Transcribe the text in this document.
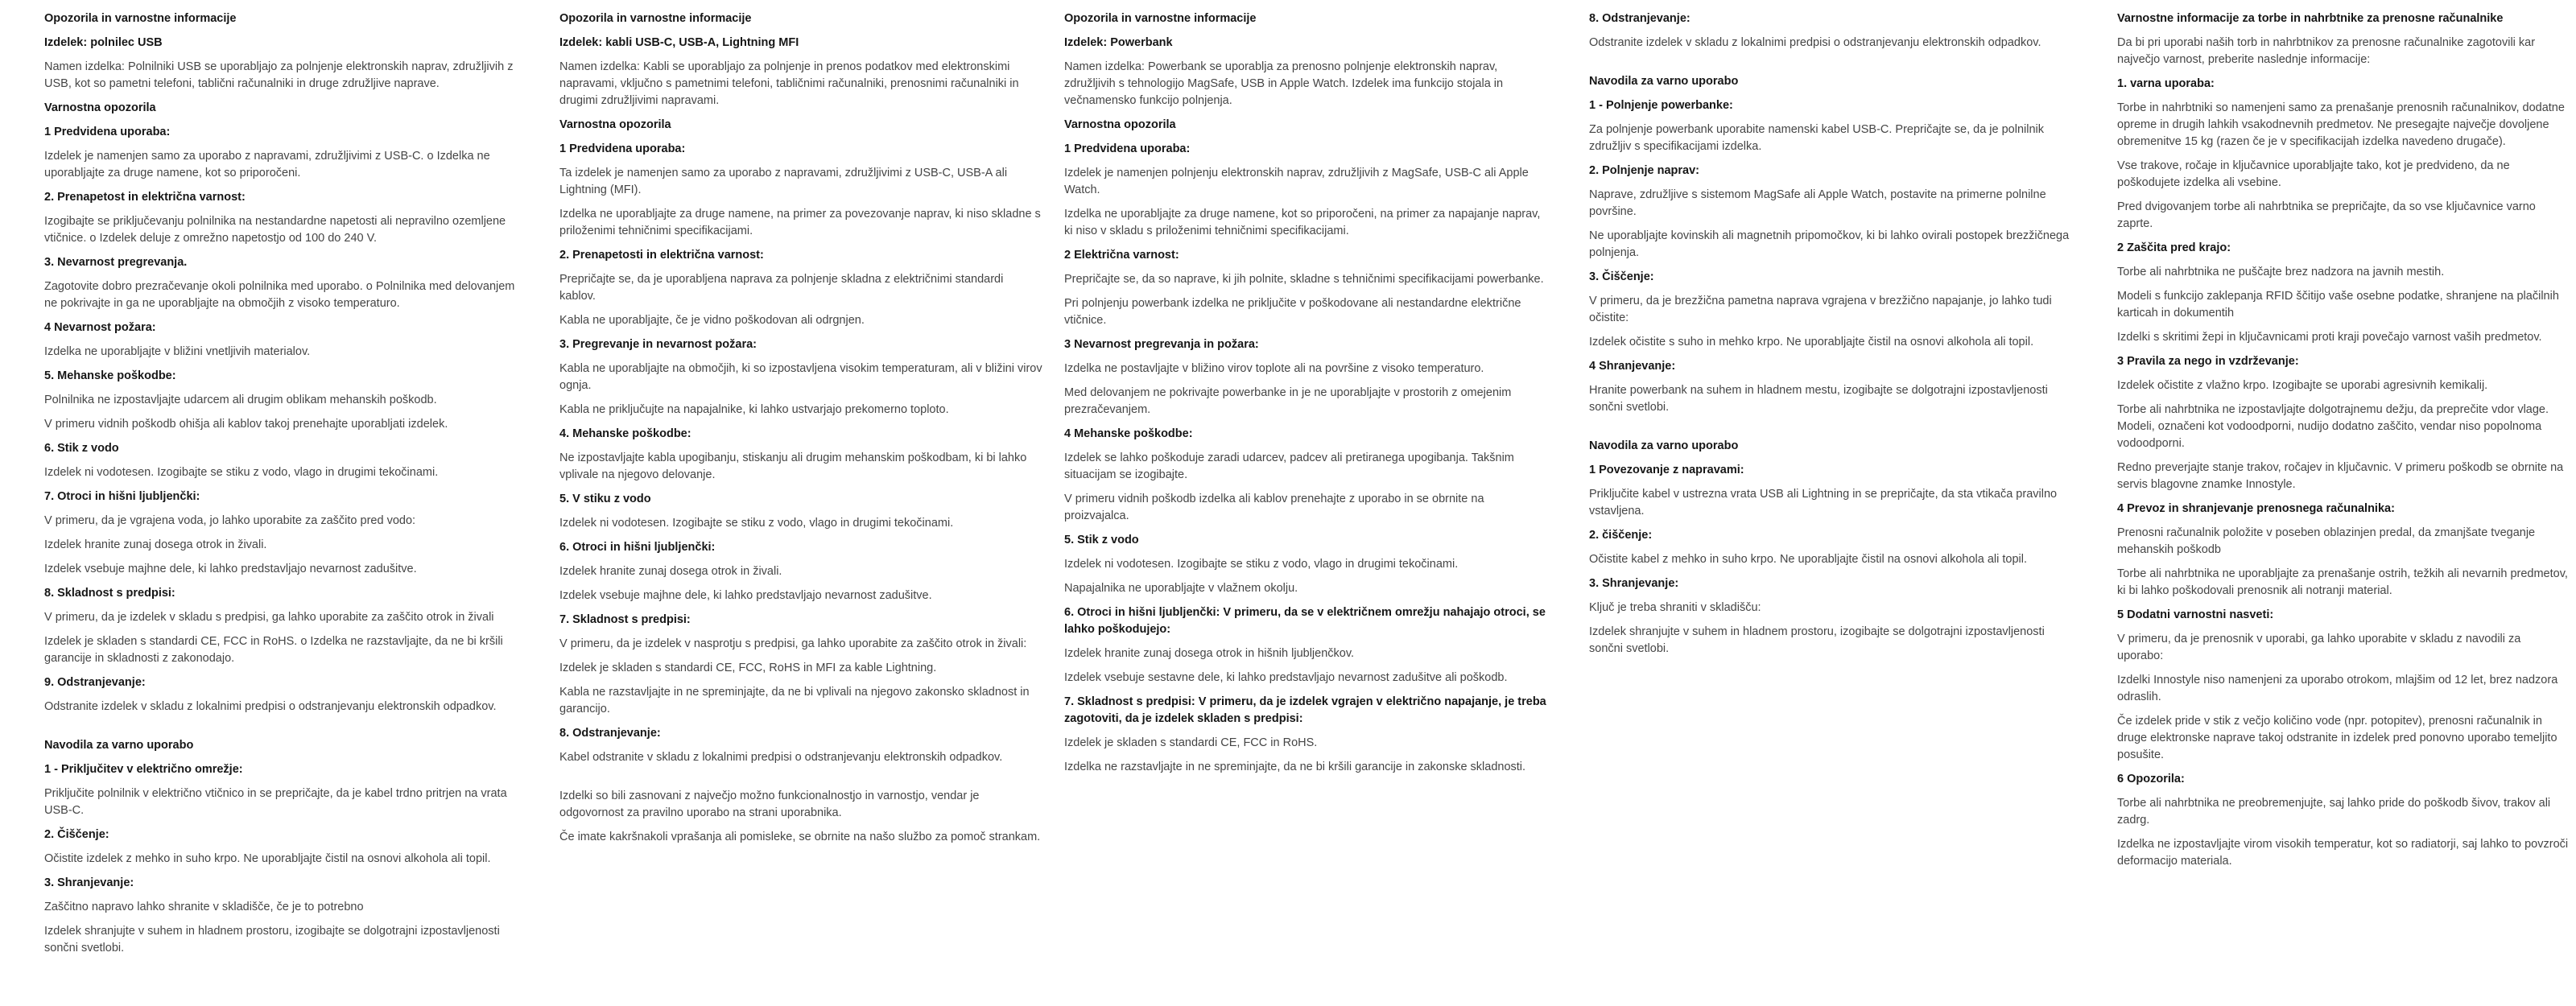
Opozorila in varnostne informacije
Izdelek: polnilec USB

Namen izdelka: Polnilniki USB se uporabljajo za polnjenje elektronskih naprav, združljivih z USB, kot so pametni telefoni, tablični računalniki in druge združljive naprave.

Varnostna opozorila
1 Predvidena uporaba:

Izdelek je namenjen samo za uporabo z napravami, združljivimi z USB-C. o Izdelka ne uporabljajte za druge namene, kot so priporočeni.

2. Prenapetost in električna varnost:

Izogibajte se priključevanju polnilnika na nestandardne napetosti ali nepravilno ozemljene vtičnice. o Izdelek deluje z omrežno napetostjo od 100 do 240 V.

3. Nevarnost pregrevanja.

Zagotovite dobro prezračevanje okoli polnilnika med uporabo. o Polnilnika med delovanjem ne pokrivajte in ga ne uporabljajte na območjih z visoko temperaturo.

4 Nevarnost požara:

Izdelka ne uporabljajte v bližini vnetljivih materialov.

5. Mehanske poškodbe:

Polnilnika ne izpostavljajte udarcem ali drugim oblikam mehanskih poškodb.

V primeru vidnih poškodb ohišja ali kablov takoj prenehajte uporabljati izdelek.

6. Stik z vodo

Izdelek ni vodotesen. Izogibajte se stiku z vodo, vlago in drugimi tekočinami.

7. Otroci in hišni ljubljenčki:

V primeru, da je vgrajena voda, jo lahko uporabite za zaščito pred vodo:

Izdelek hranite zunaj dosega otrok in živali.

Izdelek vsebuje majhne dele, ki lahko predstavljajo nevarnost zadušitve.

8. Skladnost s predpisi:

V primeru, da je izdelek v skladu s predpisi, ga lahko uporabite za zaščito otrok in živali

Izdelek je skladen s standardi CE, FCC in RoHS. o Izdelka ne razstavljajte, da ne bi kršili garancije in skladnosti z zakonodajo.

9. Odstranjevanje:

Odstranite izdelek v skladu z lokalnimi predpisi o odstranjevanju elektronskih odpadkov.

Navodila za varno uporabo
1 - Priključitev v električno omrežje:

Priključite polnilnik v električno vtičnico in se prepričajte, da je kabel trdno pritrjen na vrata USB-C.

2. Čiščenje:

Očistite izdelek z mehko in suho krpo. Ne uporabljajte čistil na osnovi alkohola ali topil.

3. Shranjevanje:

Zaščitno napravo lahko shranite v skladišče, če je to potrebno

Izdelek shranjujte v suhem in hladnem prostoru, izogibajte se dolgotrajni izpostavljenosti sončni svetlobi.

Opozorila in varnostne informacije
Izdelek: kabli USB-C, USB-A, Lightning MFI

Namen izdelka: Kabli se uporabljajo za polnjenje in prenos podatkov med elektronskimi napravami, vključno s pametnimi telefoni, tabličnimi računalniki, prenosnimi računalniki in drugimi združljivimi napravami.

Varnostna opozorila
1 Predvidena uporaba:

Ta izdelek je namenjen samo za uporabo z napravami, združljivimi z USB-C, USB-A ali Lightning (MFI).

Izdelka ne uporabljajte za druge namene, na primer za povezovanje naprav, ki niso skladne s priloženimi tehničnimi specifikacijami.

2. Prenapetosti in električna varnost:

Prepričajte se, da je uporabljena naprava za polnjenje skladna z električnimi standardi kablov.

Kabla ne uporabljajte, če je vidno poškodovan ali odrgnjen.

3. Pregrevanje in nevarnost požara:

Kabla ne uporabljajte na območjih, ki so izpostavljena visokim temperaturam, ali v bližini virov ognja.

Kabla ne priključujte na napajalnike, ki lahko ustvarjajo prekomerno toploto.

4. Mehanske poškodbe:

Ne izpostavljajte kabla upogibanju, stiskanju ali drugim mehanskim poškodbam, ki bi lahko vplivale na njegovo delovanje.

5. V stiku z vodo

Izdelek ni vodotesen. Izogibajte se stiku z vodo, vlago in drugimi tekočinami.

6. Otroci in hišni ljubljenčki:

Izdelek hranite zunaj dosega otrok in živali.

Izdelek vsebuje majhne dele, ki lahko predstavljajo nevarnost zadušitve.

7. Skladnost s predpisi:

V primeru, da je izdelek v nasprotju s predpisi, ga lahko uporabite za zaščito otrok in živali:

Izdelek je skladen s standardi CE, FCC, RoHS in MFI za kable Lightning.

Kabla ne razstavljajte in ne spreminjajte, da ne bi vplivali na njegovo zakonsko skladnost in garancijo.

8. Odstranjevanje:

Kabel odstranite v skladu z lokalnimi predpisi o odstranjevanju elektronskih odpadkov.

Izdelki so bili zasnovani z največjo možno funkcionalnostjo in varnostjo, vendar je odgovornost za pravilno uporabo na strani uporabnika.

Če imate kakršnakoli vprašanja ali pomisleke, se obrnite na našo službo za pomoč strankam.

Opozorila in varnostne informacije
Izdelek: Powerbank

Namen izdelka: Powerbank se uporablja za prenosno polnjenje elektronskih naprav, združljivih s tehnologijo MagSafe, USB in Apple Watch. Izdelek ima funkcijo stojala in večnamensko funkcijo polnjenja.

Varnostna opozorila
1 Predvidena uporaba:

Izdelek je namenjen polnjenju elektronskih naprav, združljivih z MagSafe, USB-C ali Apple Watch.

Izdelka ne uporabljajte za druge namene, kot so priporočeni, na primer za napajanje naprav, ki niso v skladu s priloženimi tehničnimi specifikacijami.

2 Električna varnost:

Prepričajte se, da so naprave, ki jih polnite, skladne s tehničnimi specifikacijami powerbanke.

Pri polnjenju powerbank izdelka ne priključite v poškodovane ali nestandardne električne vtičnice.

3 Nevarnost pregrevanja in požara:

Izdelka ne postavljajte v bližino virov toplote ali na površine z visoko temperaturo.

Med delovanjem ne pokrivajte powerbanke in je ne uporabljajte v prostorih z omejenim prezračevanjem.

4 Mehanske poškodbe:

Izdelek se lahko poškoduje zaradi udarcev, padcev ali pretiranega upogibanja. Takšnim situacijam se izogibajte.

V primeru vidnih poškodb izdelka ali kablov prenehajte z uporabo in se obrnite na proizvajalca.

5. Stik z vodo

Izdelek ni vodotesen. Izogibajte se stiku z vodo, vlago in drugimi tekočinami.

Napajalnika ne uporabljajte v vlažnem okolju.

6. Otroci in hišni ljubljenčki: V primeru, da se v električnem omrežju nahajajo otroci, se lahko poškodujejo:

Izdelek hranite zunaj dosega otrok in hišnih ljubljenčkov.

Izdelek vsebuje sestavne dele, ki lahko predstavljajo nevarnost zadušitve ali poškodb.

7. Skladnost s predpisi: V primeru, da je izdelek vgrajen v električno napajanje, je treba zagotoviti, da je izdelek skladen s predpisi:

Izdelek je skladen s standardi CE, FCC in RoHS.

Izdelka ne razstavljajte in ne spreminjajte, da ne bi kršili garancije in zakonske skladnosti.

8. Odstranjevanje:

Odstranite izdelek v skladu z lokalnimi predpisi o odstranjevanju elektronskih odpadkov.

Navodila za varno uporabo
1 - Polnjenje powerbanke:

Za polnjenje powerbank uporabite namenski kabel USB-C. Prepričajte se, da je polnilnik združljiv s specifikacijami izdelka.

2. Polnjenje naprav:

Naprave, združljive s sistemom MagSafe ali Apple Watch, postavite na primerne polnilne površine.

Ne uporabljajte kovinskih ali magnetnih pripomočkov, ki bi lahko ovirali postopek brezžičnega polnjenja.

3. Čiščenje:

V primeru, da je brezžična pametna naprava vgrajena v brezžično napajanje, jo lahko tudi očistite:

Izdelek očistite s suho in mehko krpo. Ne uporabljajte čistil na osnovi alkohola ali topil.

4 Shranjevanje:

Hranite powerbank na suhem in hladnem mestu, izogibajte se dolgotrajni izpostavljenosti sončni svetlobi.

Navodila za varno uporabo
1 Povezovanje z napravami:

Priključite kabel v ustrezna vrata USB ali Lightning in se prepričajte, da sta vtikača pravilno vstavljena.

2. čiščenje:

Očistite kabel z mehko in suho krpo. Ne uporabljajte čistil na osnovi alkohola ali topil.

3. Shranjevanje:

Ključ je treba shraniti v skladišču:

Izdelek shranjujte v suhem in hladnem prostoru, izogibajte se dolgotrajni izpostavljenosti sončni svetlobi.

Varnostne informacije za torbe in nahrbtnike za prenosne računalnike

Da bi pri uporabi naših torb in nahrbtnikov za prenosne računalnike zagotovili kar največjo varnost, preberite naslednje informacije:

1. varna uporaba:

Torbe in nahrbtniki so namenjeni samo za prenašanje prenosnih računalnikov, dodatne opreme in drugih lahkih vsakodnevnih predmetov. Ne presegajte največje dovoljene obremenitve 15 kg (razen če je v specifikacijah izdelka navedeno drugače).

Vse trakove, ročaje in ključavnice uporabljajte tako, kot je predvideno, da ne poškodujete izdelka ali vsebine.

Pred dvigovanjem torbe ali nahrbtnika se prepričajte, da so vse ključavnice varno zaprte.

2 Zaščita pred krajo:

Torbe ali nahrbtnika ne puščajte brez nadzora na javnih mestih.

Modeli s funkcijo zaklepanja RFID ščitijo vaše osebne podatke, shranjene na plačilnih karticah in dokumentih

Izdelki s skritimi žepi in ključavnicami proti kraji povečajo varnost vaših predmetov.

3 Pravila za nego in vzdrževanje:

Izdelek očistite z vlažno krpo. Izogibajte se uporabi agresivnih kemikalij.

Torbe ali nahrbtnika ne izpostavljajte dolgotrajnemu dežju, da preprečite vdor vlage. Modeli, označeni kot vodoodporni, nudijo dodatno zaščito, vendar niso popolnoma vodoodporni.

Redno preverjajte stanje trakov, ročajev in ključavnic. V primeru poškodb se obrnite na servis blagovne znamke Innostyle.

4 Prevoz in shranjevanje prenosnega računalnika:

Prenosni računalnik položite v poseben oblazinjen predal, da zmanjšate tveganje mehanskih poškodb

Torbe ali nahrbtnika ne uporabljajte za prenašanje ostrih, težkih ali nevarnih predmetov, ki bi lahko poškodovali prenosnik ali notranji material.

5 Dodatni varnostni nasveti:

V primeru, da je prenosnik v uporabi, ga lahko uporabite v skladu z navodili za uporabo:

Izdelki Innostyle niso namenjeni za uporabo otrokom, mlajšim od 12 let, brez nadzora odraslih.

Če izdelek pride v stik z večjo količino vode (npr. potopitev), prenosni računalnik in druge elektronske naprave takoj odstranite in izdelek pred ponovno uporabo temeljito posušite.

6 Opozorila:

Torbe ali nahrbtnika ne preobremenjujte, saj lahko pride do poškodb šivov, trakov ali zadrg.

Izdelka ne izpostavljajte virom visokih temperatur, kot so radiatorji, saj lahko to povzroči deformacijo materiala.
